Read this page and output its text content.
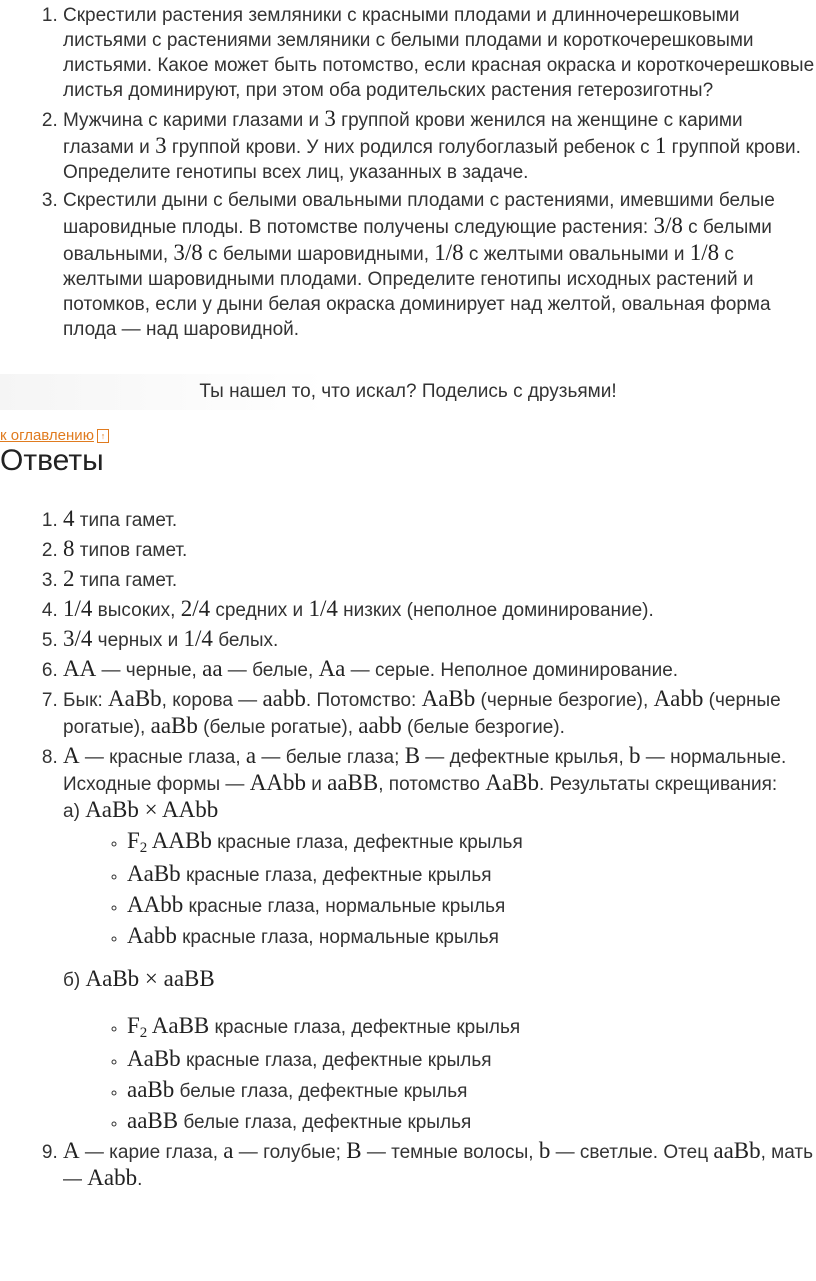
1. Скрестили растения земляники с красными плодами и длинночерешковыми листьями с растениями земляники с белыми плодами и короткочерешковыми листьями. Какое может быть потомство, если красная окраска и короткочерешковые листья доминируют, при этом оба родительских растения гетерозиготны?
2. Мужчина с карими глазами и 3 группой крови женился на женщине с карими глазами и 3 группой крови. У них родился голубоглазый ребенок с 1 группой крови. Определите генотипы всех лиц, указанных в задаче.
3. Скрестили дыни с белыми овальными плодами с растениями, имевшими белые шаровидные плоды. В потомстве получены следующие растения: 3/8 с белыми овальными, 3/8 с белыми шаровидными, 1/8 с желтыми овальными и 1/8 с желтыми шаровидными плодами. Определите генотипы исходных растений и потомков, если у дыни белая окраска доминирует над желтой, овальная форма плода — над шаровидной.
Ты нашел то, что искал? Поделись с друзьями!
к оглавлению ↑
Ответы
1. 4 типа гамет.
2. 8 типов гамет.
3. 2 типа гамет.
4. 1/4 высоких, 2/4 средних и 1/4 низких (неполное доминирование).
5. 3/4 черных и 1/4 белых.
6. AA — черные, aa — белые, Aa — серые. Неполное доминирование.
7. Бык: AaBb, корова — aabb. Потомство: AaBb (черные безрогие), Aabb (черные рогатые), aaBb (белые рогатые), aabb (белые безрогие).
8. A — красные глаза, a — белые глаза; B — дефектные крылья, b — нормальные. Исходные формы — AAbb и aaBB, потомство AaBb. Результаты скрещивания:
а) AaBb × AAbb
◦ $F_2$ AABb красные глаза, дефектные крылья
◦ AaBb красные глаза, дефектные крылья
◦ AAbb красные глаза, нормальные крылья
◦ Aabb красные глаза, нормальные крылья
б) AaBb × aaBB
◦ $F_2$ AaBB красные глаза, дефектные крылья
◦ AaBb красные глаза, дефектные крылья
◦ aaBb белые глаза, дефектные крылья
◦ aaBB белые глаза, дефектные крылья
9. A — карие глаза, a — голубые; B — темные волосы, b — светлые. Отец aaBb, мать — Aabb.
